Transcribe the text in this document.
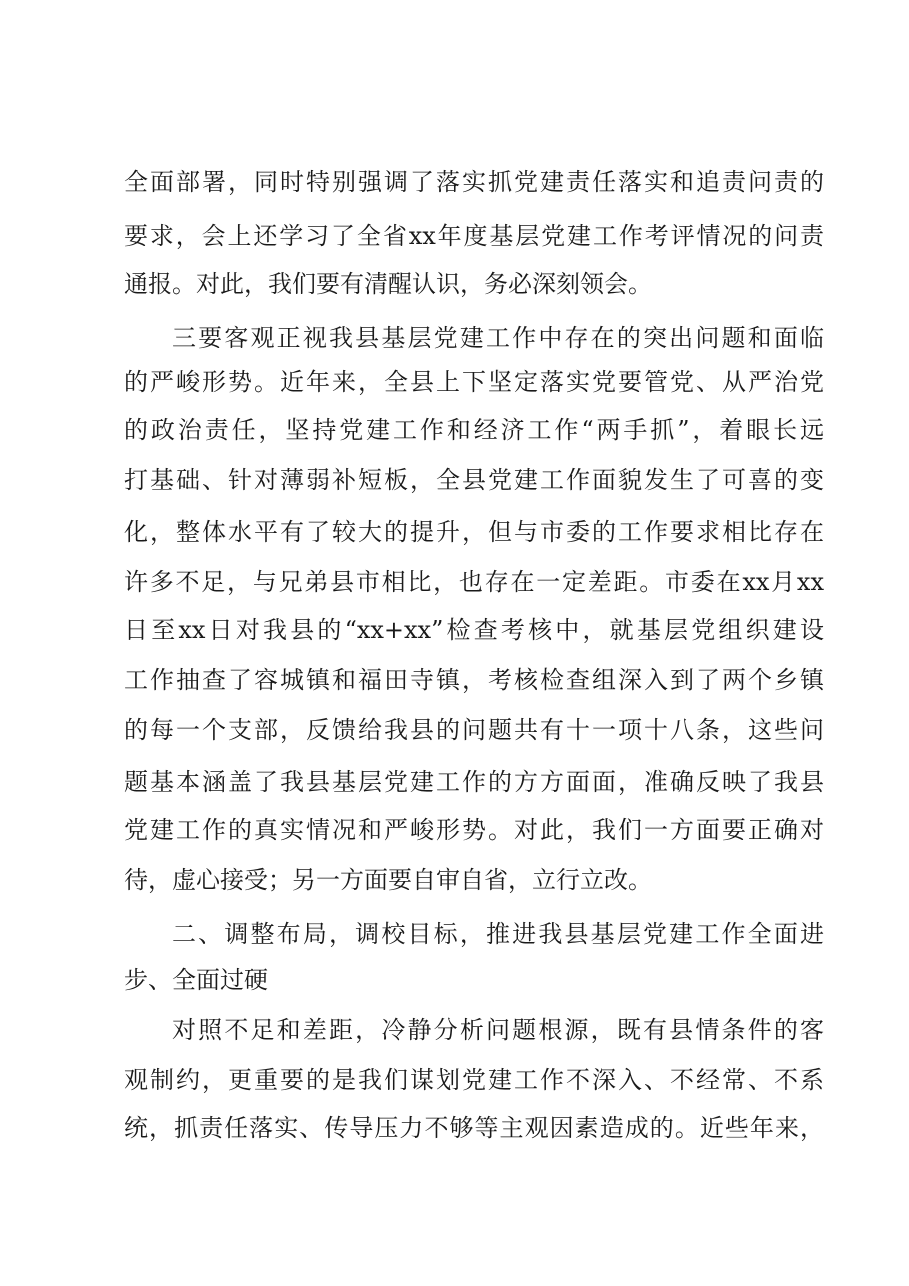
全面部署，同时特别强调了落实抓党建责任落实和追责问责的
要求，会上还学习了全省xx年度基层党建工作考评情况的问责
通报。对此，我们要有清醒认识，务必深刻领会。
三要客观正视我县基层党建工作中存在的突出问题和面临
的严峻形势。近年来，全县上下坚定落实党要管党、从严治党
的政治责任，坚持党建工作和经济工作“两手抓”，着眼长远
打基础、针对薄弱补短板，全县党建工作面貌发生了可喜的变
化，整体水平有了较大的提升，但与市委的工作要求相比存在
许多不足，与兄弟县市相比，也存在一定差距。市委在xx月xx
日至xx日对我县的“xx+xx”检查考核中，就基层党组织建设
工作抽查了容城镇和福田寺镇，考核检查组深入到了两个乡镇
的每一个支部，反馈给我县的问题共有十一项十八条，这些问
题基本涵盖了我县基层党建工作的方方面面，准确反映了我县
党建工作的真实情况和严峻形势。对此，我们一方面要正确对
待，虚心接受；另一方面要自审自省，立行立改。
二、调整布局，调校目标，推进我县基层党建工作全面进
步、全面过硬
对照不足和差距，冷静分析问题根源，既有县情条件的客
观制约，更重要的是我们谋划党建工作不深入、不经常、不系
统，抓责任落实、传导压力不够等主观因素造成的。近些年来，
